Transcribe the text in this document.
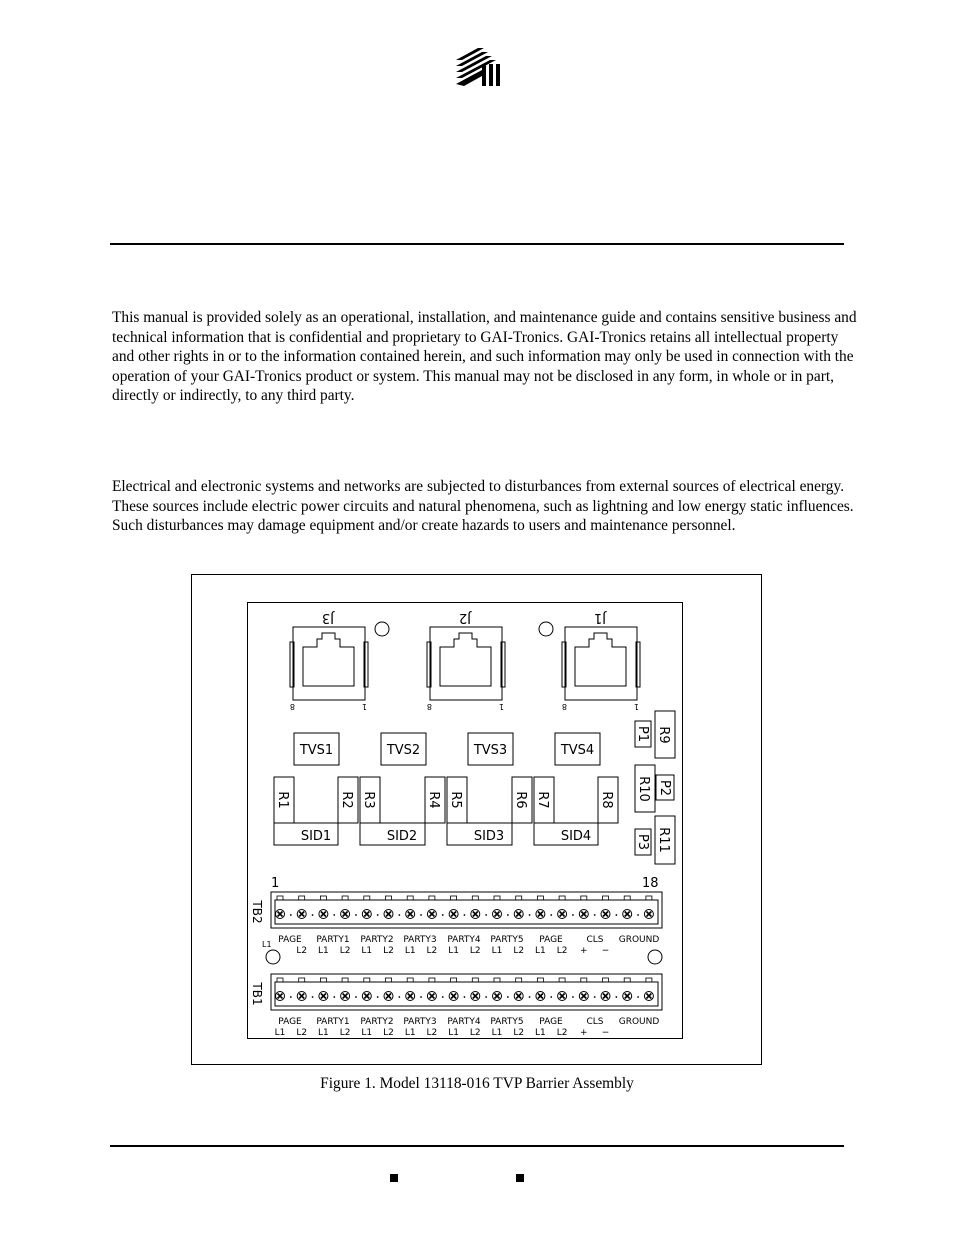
This manual is provided solely as an operational, installation, and maintenance guide and contains sensitive business and technical information that is confidential and proprietary to GAI-Tronics. GAI-Tronics retains all intellectual property and other rights in or to the information contained herein, and such information may only be used in connection with the operation of your GAI-Tronics product or system. This manual may not be disclosed in any form, in whole or in part, directly or indirectly, to any third party.

Electrical and electronic systems and networks are subjected to disturbances from external sources of electrical energy. These sources include electric power circuits and natural phenomena, such as lightning and low energy static influences. Such disturbances may damage equipment and/or create hazards to users and maintenance personnel.

J3
8	1
J2
8	1
J1
8	1
TVS1	TVS2	TVS3	TVS4
R1	R2 R3	R4 R5	R6 R7	R8
SID1	SID2	SID3	SID4
R9
P1
R10 P2
R11
P3
1	18
TB2
L1 PAGE PARTY1 PARTY2 PARTY3 PARTY4 PARTY5 PAGE	CLS GROUND
L2 L1 L2 L1 L2 L1 L2 L1 L2 L1 L2 L1 L2 + −
TB1
PAGE PARTY1 PARTY2 PARTY3 PARTY4 PARTY5 PAGE	CLS GROUND
L1 L2 L1 L2 L1 L2 L1 L2 L1 L2 L1 L2 L1 L2 + −
Figure 1. Model 13118-016 TVP Barrier Assembly
